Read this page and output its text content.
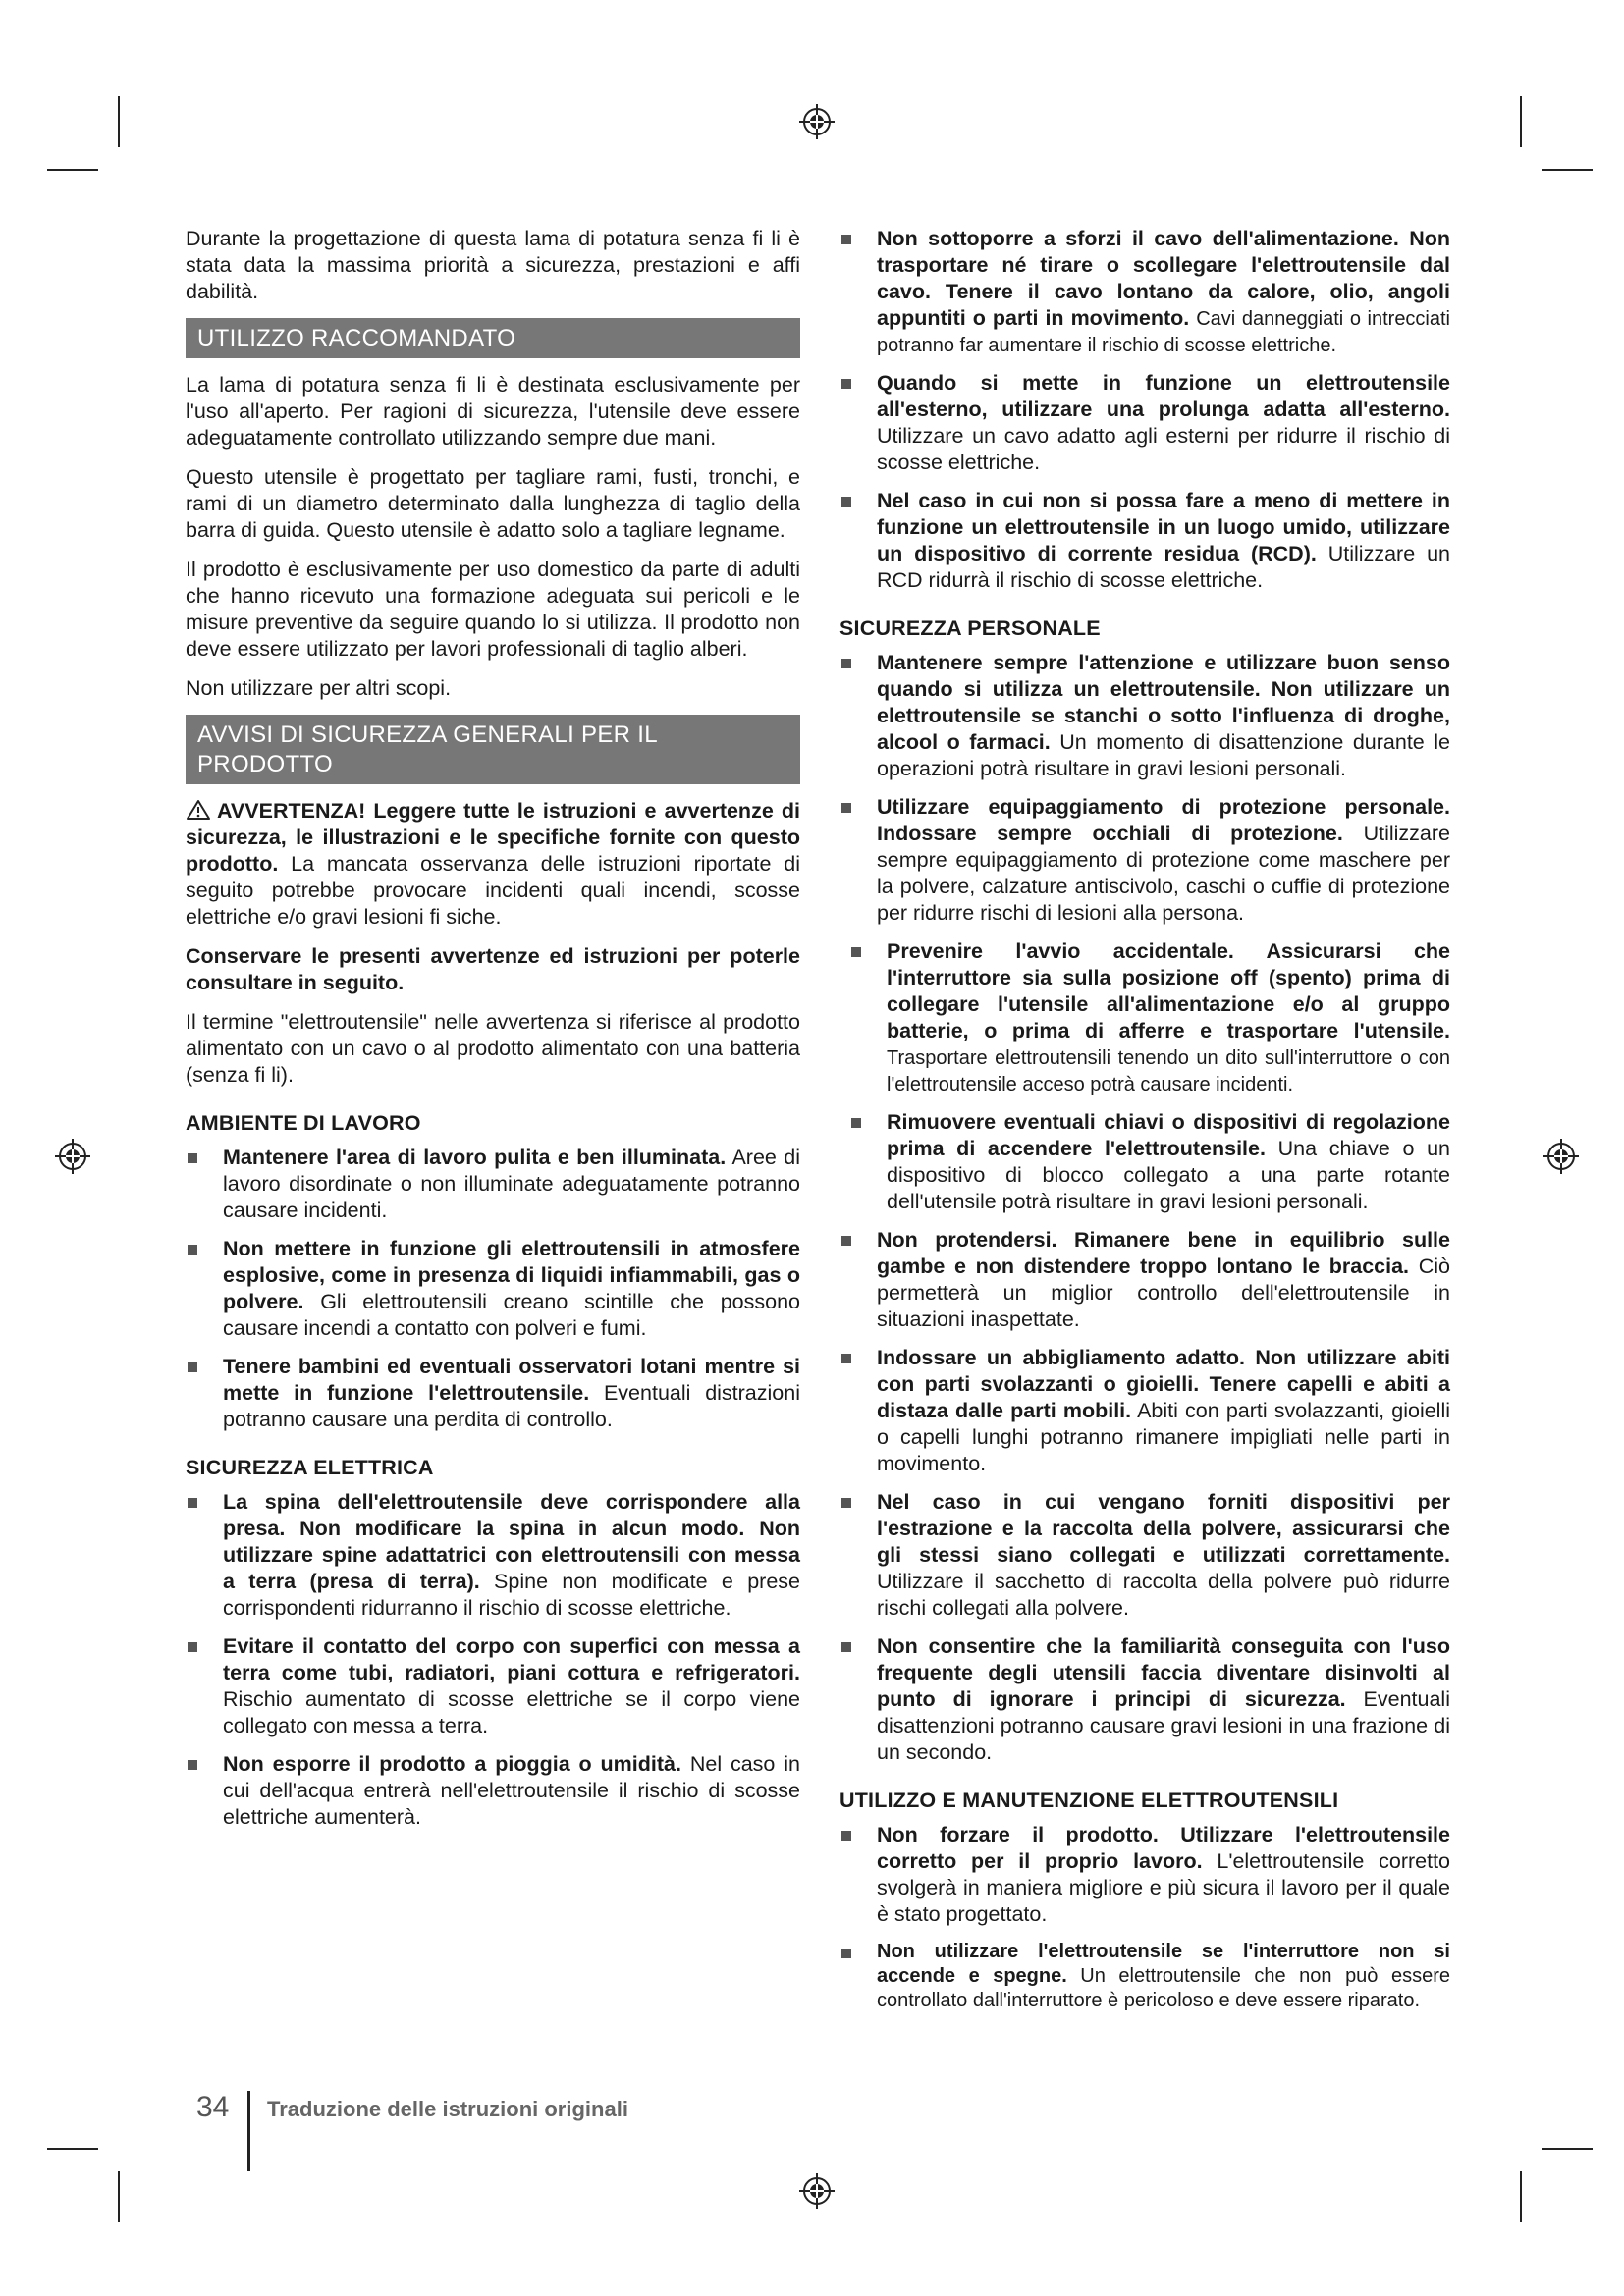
Durante la progettazione di questa lama di potatura senza fi li è stata data la massima priorità a sicurezza, prestazioni e affi dabilità.

UTILIZZO RACCOMANDATO

La lama di potatura senza fi li è destinata esclusivamente per l'uso all'aperto. Per ragioni di sicurezza, l'utensile deve essere adeguatamente controllato utilizzando sempre due mani.

Questo utensile è progettato per tagliare rami, fusti, tronchi, e rami di un diametro determinato dalla lunghezza di taglio della barra di guida. Questo utensile è adatto solo a tagliare legname.

Il prodotto è esclusivamente per uso domestico da parte di adulti che hanno ricevuto una formazione adeguata sui pericoli e le misure preventive da seguire quando lo si utilizza. Il prodotto non deve essere utilizzato per lavori professionali di taglio alberi.

Non utilizzare per altri scopi.

AVVISI DI SICUREZZA GENERALI PER IL PRODOTTO

AVVERTENZA! Leggere tutte le istruzioni e avvertenze di sicurezza, le illustrazioni e le specifiche fornite con questo prodotto. La mancata osservanza delle istruzioni riportate di seguito potrebbe provocare incidenti quali incendi, scosse elettriche e/o gravi lesioni fi siche.

Conservare le presenti avvertenze ed istruzioni per poterle consultare in seguito.

Il termine "elettroutensile" nelle avvertenza si riferisce al prodotto alimentato con un cavo o al prodotto alimentato con una batteria (senza fi li).

AMBIENTE DI LAVORO
Mantenere l'area di lavoro pulita e ben illuminata. Aree di lavoro disordinate o non illuminate adeguatamente potranno causare incidenti.
Non mettere in funzione gli elettroutensili in atmosfere esplosive, come in presenza di liquidi infiammabili, gas o polvere. Gli elettroutensili creano scintille che possono causare incendi a contatto con polveri e fumi.
Tenere bambini ed eventuali osservatori lotani mentre si mette in funzione l'elettroutensile. Eventuali distrazioni potranno causare una perdita di controllo.
SICUREZZA ELETTRICA
La spina dell'elettroutensile deve corrispondere alla presa. Non modificare la spina in alcun modo. Non utilizzare spine adattatrici con elettroutensili con messa a terra (presa di terra). Spine non modificate e prese corrispondenti ridurranno il rischio di scosse elettriche.
Evitare il contatto del corpo con superfici con messa a terra come tubi, radiatori, piani cottura e refrigeratori. Rischio aumentato di scosse elettriche se il corpo viene collegato con messa a terra.
Non esporre il prodotto a pioggia o umidità. Nel caso in cui dell'acqua entrerà nell'elettroutensile il rischio di scosse elettriche aumenterà.
Non sottoporre a sforzi il cavo dell'alimentazione. Non trasportare né tirare o scollegare l'elettroutensile dal cavo. Tenere il cavo lontano da calore, olio, angoli appuntiti o parti in movimento. Cavi danneggiati o intrecciati potranno far aumentare il rischio di scosse elettriche.
Quando si mette in funzione un elettroutensile all'esterno, utilizzare una prolunga adatta all'esterno. Utilizzare un cavo adatto agli esterni per ridurre il rischio di scosse elettriche.
Nel caso in cui non si possa fare a meno di mettere in funzione un elettroutensile in un luogo umido, utilizzare un dispositivo di corrente residua (RCD). Utilizzare un RCD ridurrà il rischio di scosse elettriche.
SICUREZZA PERSONALE
Mantenere sempre l'attenzione e utilizzare buon senso quando si utilizza un elettroutensile. Non utilizzare un elettroutensile se stanchi o sotto l'influenza di droghe, alcool o farmaci. Un momento di disattenzione durante le operazioni potrà risultare in gravi lesioni personali.
Utilizzare equipaggiamento di protezione personale. Indossare sempre occhiali di protezione. Utilizzare sempre equipaggiamento di protezione come maschere per la polvere, calzature antiscivolo, caschi o cuffie di protezione per ridurre rischi di lesioni alla persona.
Prevenire l'avvio accidentale. Assicurarsi che l'interruttore sia sulla posizione off (spento) prima di collegare l'utensile all'alimentazione e/o al gruppo batterie, o prima di afferre e trasportare l'utensile. Trasportare elettroutensili tenendo un dito sull'interruttore o con l'elettroutensile acceso potrà causare incidenti.
Rimuovere eventuali chiavi o dispositivi di regolazione prima di accendere l'elettroutensile. Una chiave o un dispositivo di blocco collegato a una parte rotante dell'utensile potrà risultare in gravi lesioni personali.
Non protendersi. Rimanere bene in equilibrio sulle gambe e non distendere troppo lontano le braccia. Ciò permetterà un miglior controllo dell'elettroutensile in situazioni inaspettate.
Indossare un abbigliamento adatto. Non utilizzare abiti con parti svolazzanti o gioielli. Tenere capelli e abiti a distaza dalle parti mobili. Abiti con parti svolazzanti, gioielli o capelli lunghi potranno rimanere impigliati nelle parti in movimento.
Nel caso in cui vengano forniti dispositivi per l'estrazione e la raccolta della polvere, assicurarsi che gli stessi siano collegati e utilizzati correttamente. Utilizzare il sacchetto di raccolta della polvere può ridurre rischi collegati alla polvere.
Non consentire che la familiarità conseguita con l'uso frequente degli utensili faccia diventare disinvolti al punto di ignorare i principi di sicurezza. Eventuali disattenzioni potranno causare gravi lesioni in una frazione di un secondo.
UTILIZZO E MANUTENZIONE ELETTROUTENSILI
Non forzare il prodotto. Utilizzare l'elettroutensile corretto per il proprio lavoro. L'elettroutensile corretto svolgerà in maniera migliore e più sicura il lavoro per il quale è stato progettato.
Non utilizzare l'elettroutensile se l'interruttore non si accende e spegne. Un elettroutensile che non può essere controllato dall'interruttore è pericoloso e deve essere riparato.
34 Traduzione delle istruzioni originali
